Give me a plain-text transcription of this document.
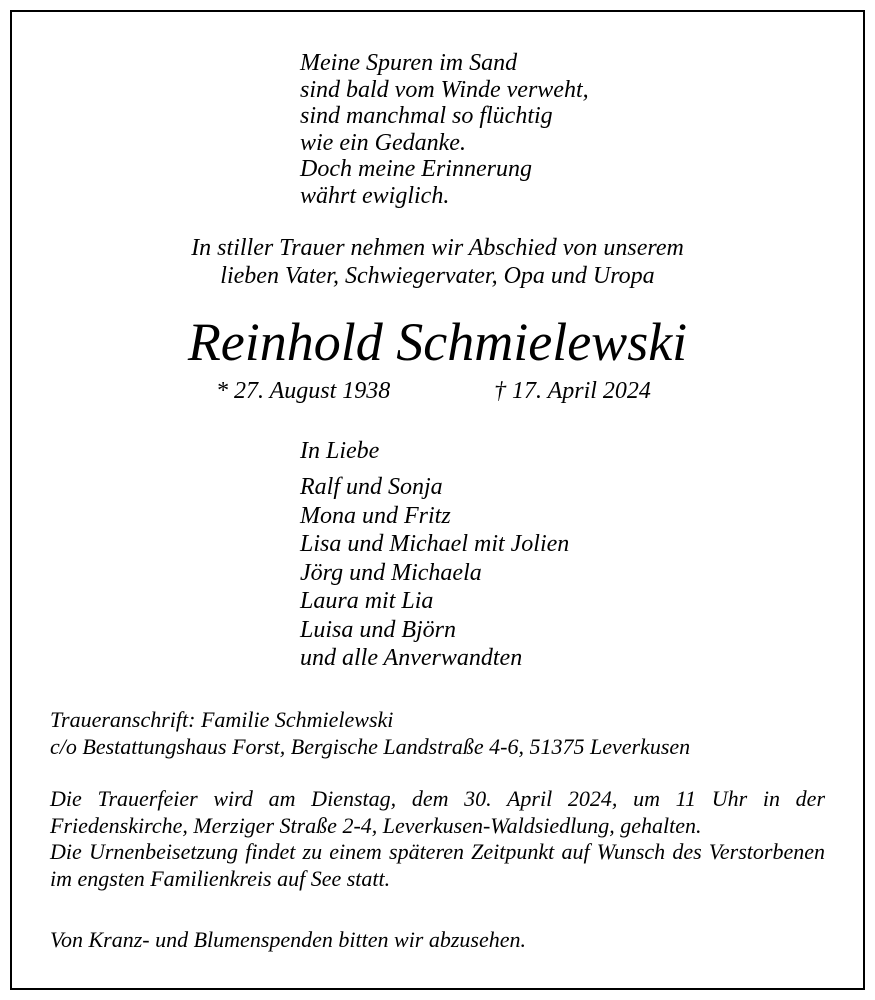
Meine Spuren im Sand
sind bald vom Winde verweht,
sind manchmal so flüchtig
wie ein Gedanke.
Doch meine Erinnerung
währt ewiglich.
In stiller Trauer nehmen wir Abschied von unserem
lieben Vater, Schwiegervater, Opa und Uropa
Reinhold Schmielewski
* 27. August 1938	† 17. April 2024
In Liebe
Ralf und Sonja
Mona und Fritz
Lisa und Michael mit Jolien
Jörg und Michaela
Laura mit Lia
Luisa und Björn
und alle Anverwandten
Traueranschrift: Familie Schmielewski
c/o Bestattungshaus Forst, Bergische Landstraße 4-6, 51375 Leverkusen

Die Trauerfeier wird am Dienstag, dem 30. April 2024, um 11 Uhr in der Friedenskirche, Merziger Straße 2-4, Leverkusen-Waldsiedlung, gehalten.

Die Urnenbeisetzung findet zu einem späteren Zeitpunkt auf Wunsch des Verstorbenen im engsten Familienkreis auf See statt.

Von Kranz- und Blumenspenden bitten wir abzusehen.
